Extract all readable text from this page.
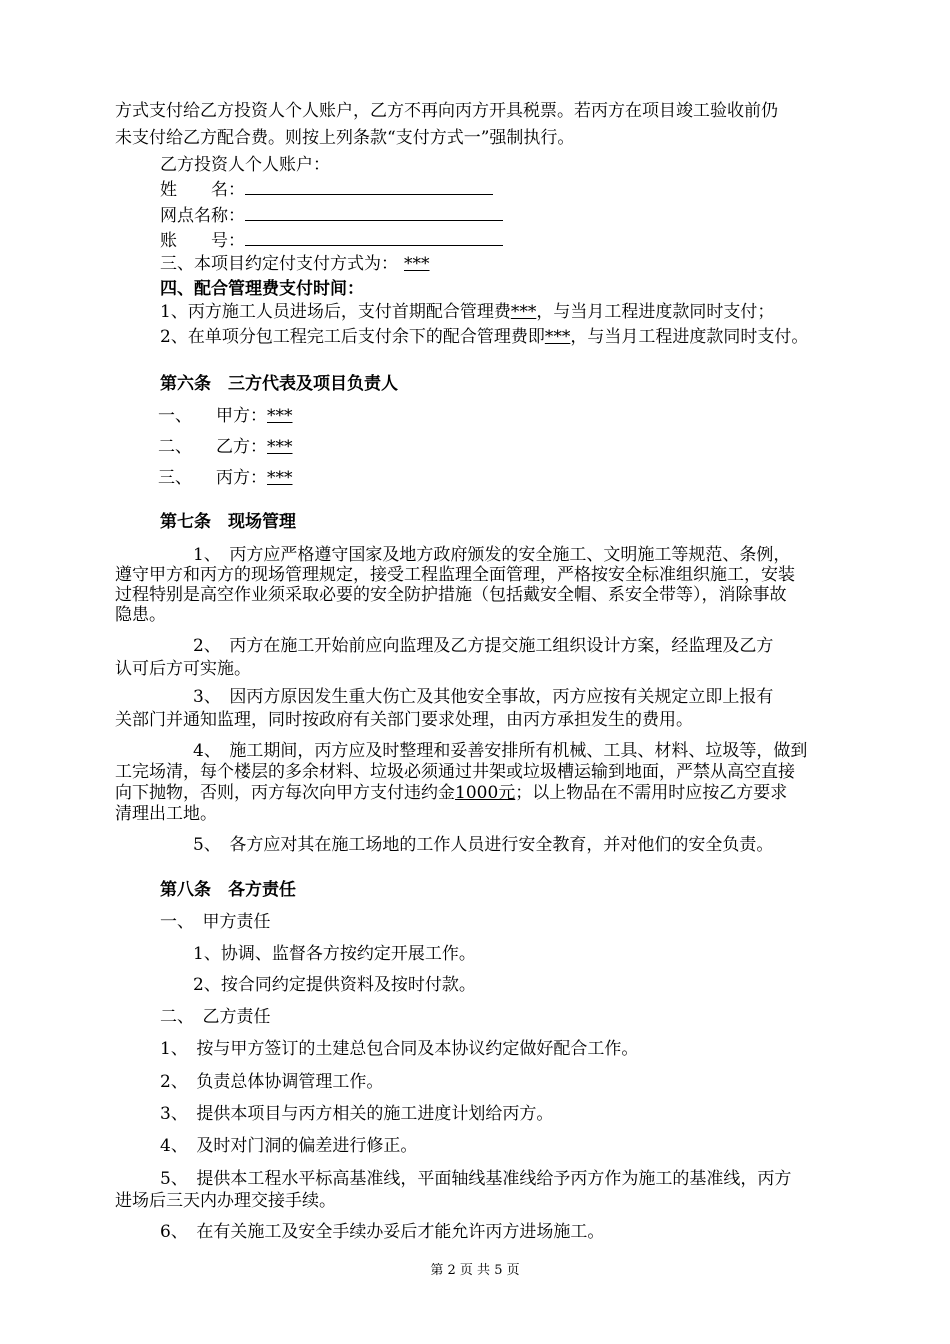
方式支付给乙方投资人个人账户，乙方不再向丙方开具税票。若丙方在项目竣工验收前仍
未支付给乙方配合费。则按上列条款“支付方式一”强制执行。
乙方投资人个人账户：
姓　　名：
网点名称：
账　　号：
三、本项目约定付支付方式为： ***
四、配合管理费支付时间：
1、丙方施工人员进场后，支付首期配合管理费***，与当月工程进度款同时支付；
2、在单项分包工程完工后支付余下的配合管理费即***，与当月工程进度款同时支付。
第六条　三方代表及项目负责人
一、 甲方：***
二、 乙方：***
三、 丙方：***
第七条　现场管理
1、　丙方应严格遵守国家及地方政府颁发的安全施工、文明施工等规范、条例，
遵守甲方和丙方的现场管理规定，接受工程监理全面管理，严格按安全标准组织施工，安装
过程特别是高空作业须采取必要的安全防护措施（包括戴安全帽、系安全带等），消除事故
隐患。
2、　丙方在施工开始前应向监理及乙方提交施工组织设计方案，经监理及乙方
认可后方可实施。
3、　因丙方原因发生重大伤亡及其他安全事故，丙方应按有关规定立即上报有
关部门并通知监理，同时按政府有关部门要求处理，由丙方承担发生的费用。
4、　施工期间，丙方应及时整理和妥善安排所有机械、工具、材料、垃圾等，做到
工完场清，每个楼层的多余材料、垃圾必须通过井架或垃圾槽运输到地面，严禁从高空直接
向下抛物，否则，丙方每次向甲方支付违约金1000元；以上物品在不需用时应按乙方要求
清理出工地。
5、　各方应对其在施工场地的工作人员进行安全教育，并对他们的安全负责。
第八条　各方责任
一、　甲方责任
1、协调、监督各方按约定开展工作。
2、按合同约定提供资料及按时付款。
二、　乙方责任
1、　按与甲方签订的土建总包合同及本协议约定做好配合工作。
2、　负责总体协调管理工作。
3、　提供本项目与丙方相关的施工进度计划给丙方。
4、　及时对门洞的偏差进行修正。
5、　提供本工程水平标高基准线，平面轴线基准线给予丙方作为施工的基准线，丙方
进场后三天内办理交接手续。
6、　在有关施工及安全手续办妥后才能允许丙方进场施工。
第 2 页 共 5 页
